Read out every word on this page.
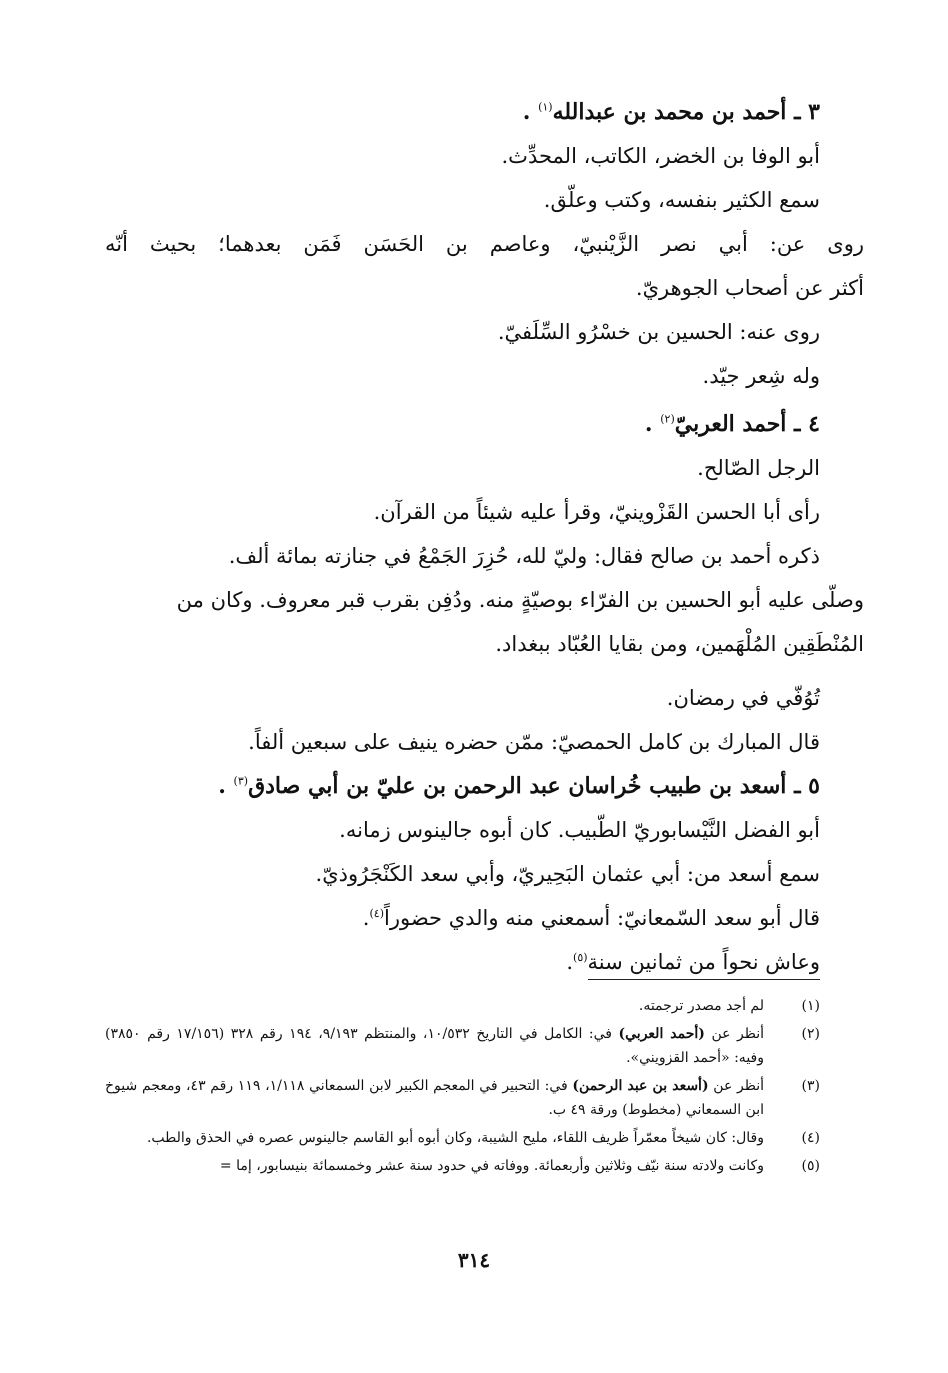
٣ ـ أحمد بن محمد بن عبدالله$^{(١)}$ .

أبو الوفا بن الخضر، الكاتب، المحدِّث.

سمع الكثير بنفسه، وكتب وعلّق.

روى عن: أبي نصر الزَّيْنبيّ، وعاصم بن الحَسَن فَمَن بعدهما؛ بحيث أنّه

أكثر عن أصحاب الجوهريّ.

روى عنه: الحسين بن خسْرُو السِّلَفيّ.

وله شِعر جيّد.

٤ ـ أحمد العربيّ$^{(٢)}$ .

الرجل الصّالح.

رأى أبا الحسن القَزْوينيّ، وقرأ عليه شيئاً من القرآن.

ذكره أحمد بن صالح فقال: وليّ لله، حُزِرَ الجَمْعُ في جنازته بمائة ألف.

وصلّى عليه أبو الحسين بن الفرّاء بوصيّةٍ منه. ودُفِن بقرب قبر معروف. وكان من

المُنْطَقِين المُلْهَمين، ومن بقايا العُبّاد ببغداد.

تُوُفّي في رمضان.

قال المبارك بن كامل الحمصيّ: ممّن حضره ينيف على سبعين ألفاً.

٥ ـ أسعد بن طبيب خُراسان عبد الرحمن بن عليّ بن أبي صادق$^{(٣)}$ .

أبو الفضل النَّيْسابوريّ الطّبيب. كان أبوه جالينوس زمانه.

سمع أسعد من: أبي عثمان البَحِيريّ، وأبي سعد الكَنْجَرُوذيّ.

قال أبو سعد السّمعانيّ: أسمعني منه والدي حضوراً$^{(٤)}$.

وعاش نحواً من ثمانين سنة$^{(٥)}$.

(١)
لم أجد مصدر ترجمته.
(٢)
أنظر عن (أحمد العربي) في: الكامل في التاريخ ١٠/٥٣٢، والمنتظم ٩/١٩٣، ١٩٤ رقم ٣٢٨ (١٧/١٥٦ رقم ٣٨٥٠) وفيه: «أحمد القزويني».
(٣)
أنظر عن (أسعد بن عبد الرحمن) في: التحبير في المعجم الكبير لابن السمعاني ١/١١٨، ١١٩ رقم ٤٣، ومعجم شيوخ ابن السمعاني (مخطوط) ورقة ٤٩ ب.
(٤)
وقال: كان شيخاً معمّراً ظريف اللقاء، مليح الشيبة، وكان أبوه أبو القاسم جالينوس عصره في الحذق والطب.
(٥)
وكانت ولادته سنة نيّف وثلاثين وأربعمائة. ووفاته في حدود سنة عشر وخمسمائة بنيسابور، إما =
٣١٤
